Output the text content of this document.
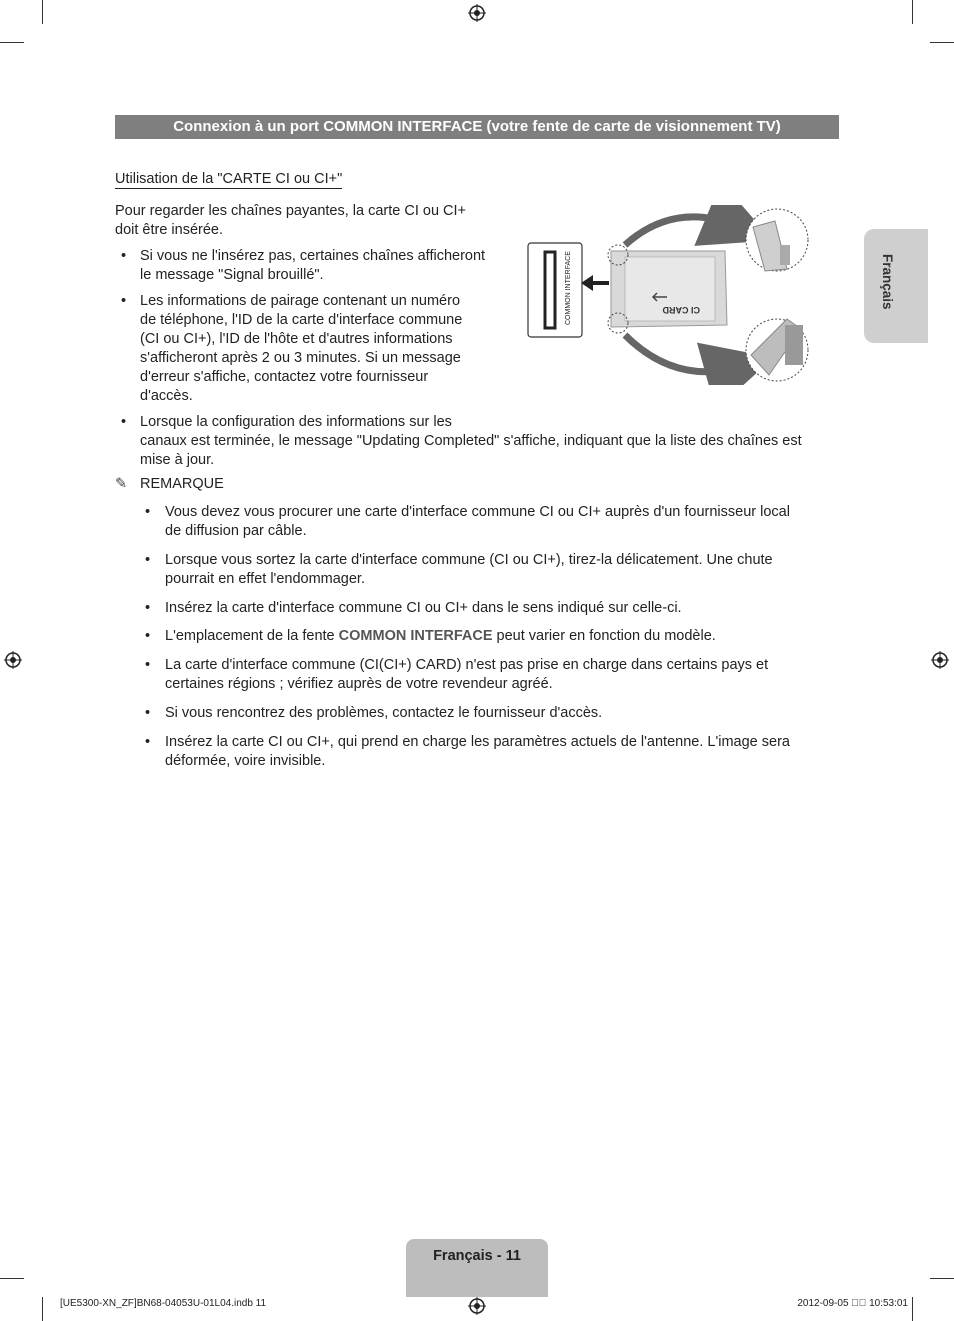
Connexion à un port COMMON INTERFACE (votre fente de carte de visionnement TV)
Utilisation de la "CARTE CI ou CI+"
Pour regarder les chaînes payantes, la carte CI ou CI+
doit être insérée.
• Si vous ne l'insérez pas, certaines chaînes afficheront
le message "Signal brouillé".
• Les informations de pairage contenant un numéro
de téléphone, l'ID de la carte d'interface commune
(CI ou CI+), l'ID de l'hôte et d'autres informations
s'afficheront après 2 ou 3 minutes. Si un message
d'erreur s'affiche, contactez votre fournisseur
d'accès.
• Lorsque la configuration des informations sur les
canaux est terminée, le message "Updating Completed" s'affiche, indiquant que la liste des chaînes est
mise à jour.
COMMON INTERFACE	CI CARD
Français
✎ REMARQUE
• Vous devez vous procurer une carte d'interface commune CI ou CI+ auprès d'un fournisseur local
de diffusion par câble.
• Lorsque vous sortez la carte d'interface commune (CI ou CI+), tirez-la délicatement. Une chute
pourrait en effet l'endommager.
• Insérez la carte d'interface commune CI ou CI+ dans le sens indiqué sur celle-ci.
• L'emplacement de la fente COMMON INTERFACE peut varier en fonction du modèle.
• La carte d'interface commune (CI(CI+) CARD) n'est pas prise en charge dans certains pays et
certaines régions ; vérifiez auprès de votre revendeur agréé.
• Si vous rencontrez des problèmes, contactez le fournisseur d'accès.
• Insérez la carte CI ou CI+, qui prend en charge les paramètres actuels de l'antenne. L'image sera
déformée, voire invisible.
Français - 11
[UE5300-XN_ZF]BN68-04053U-01L04.indb 11	2012-09-05 ￿￿ 10:53:01
